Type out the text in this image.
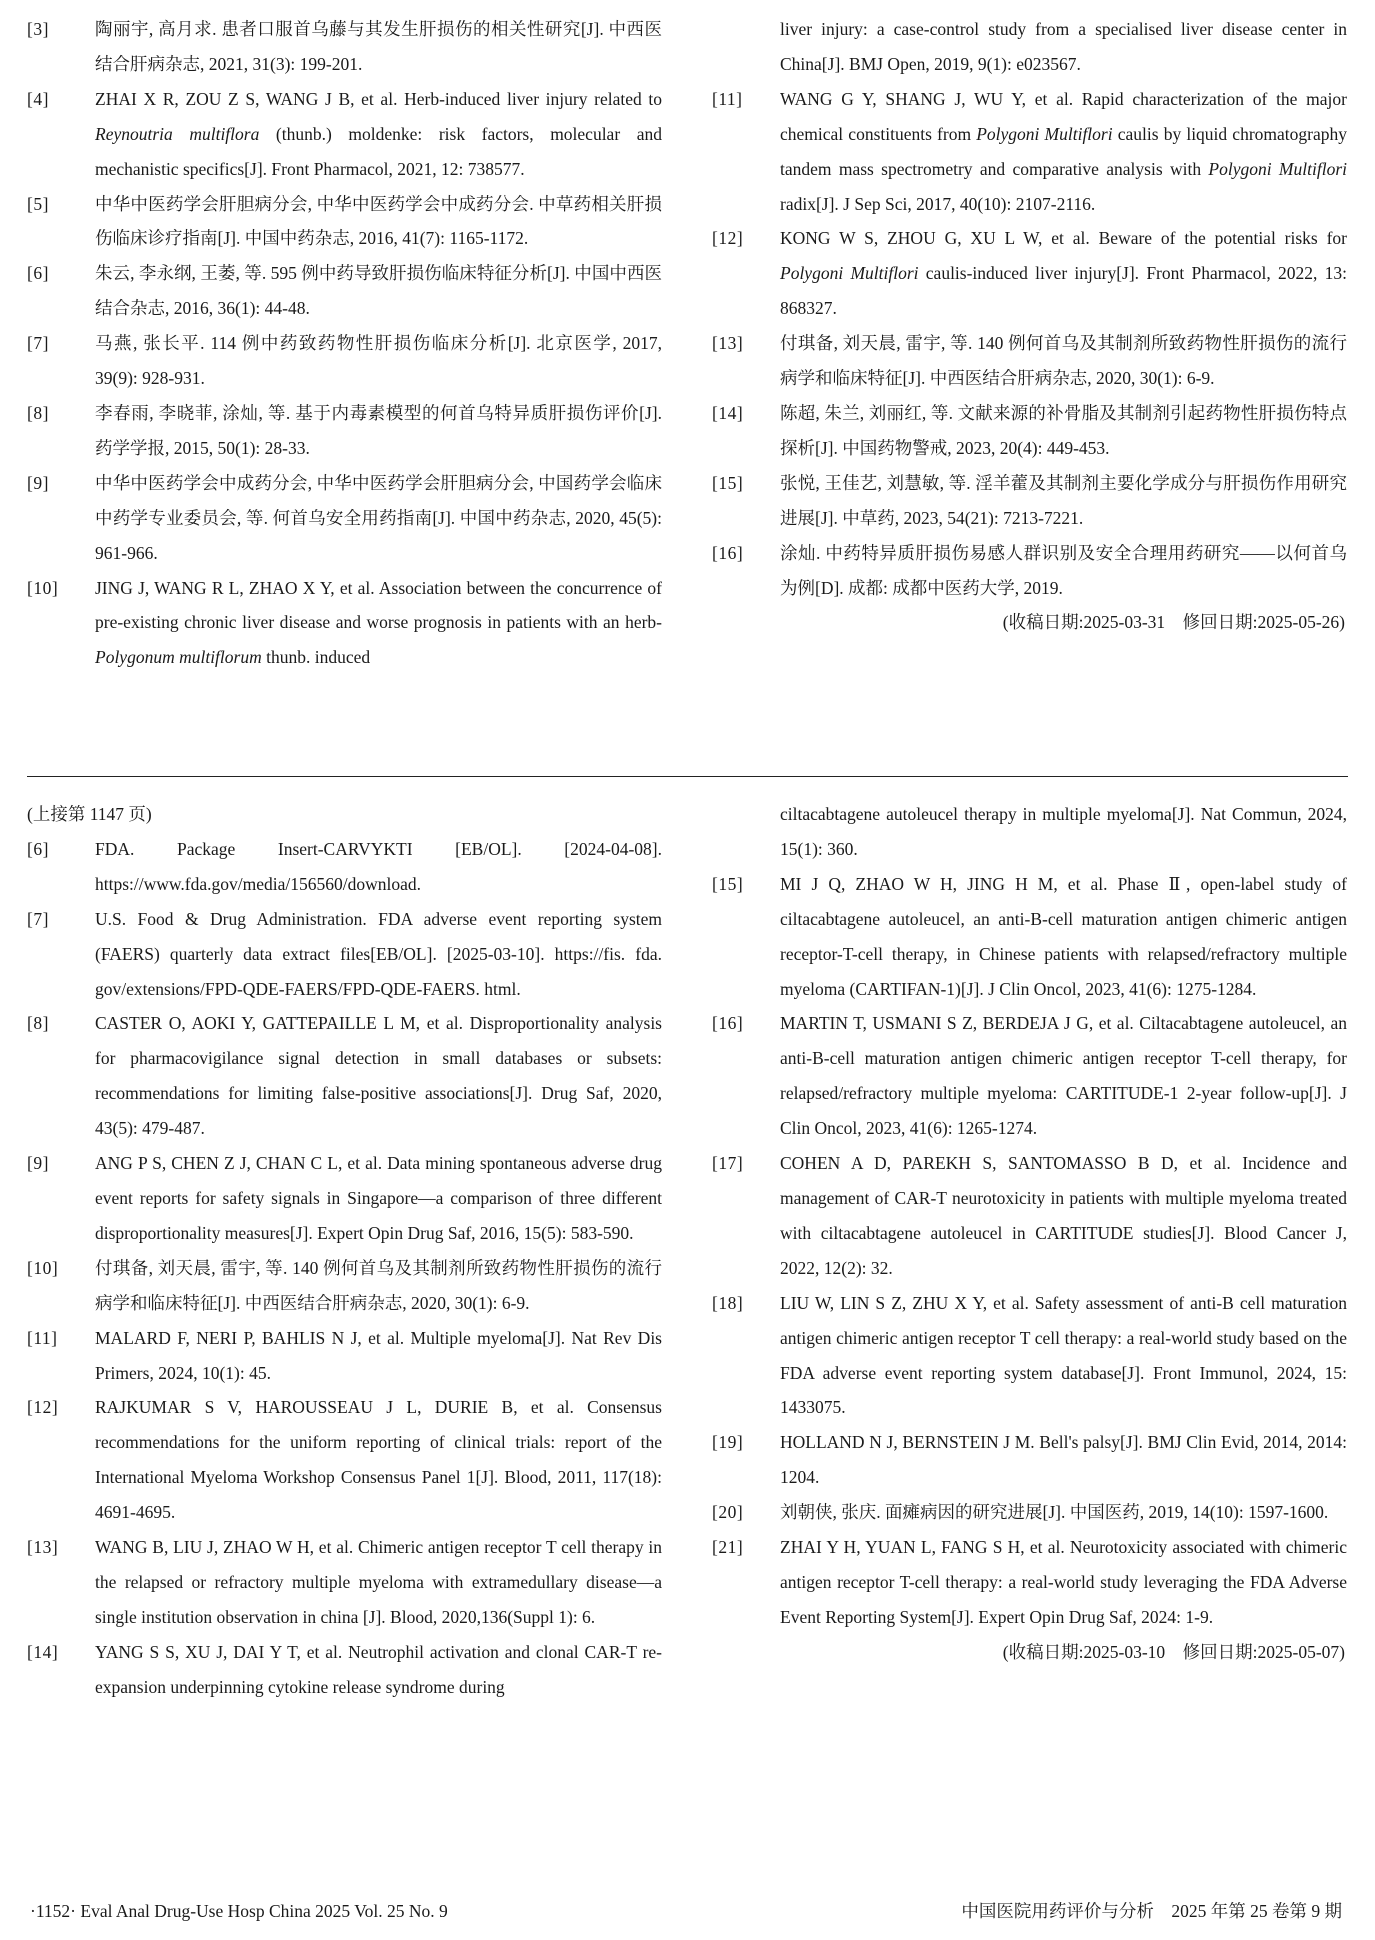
[3]	陶丽宇, 高月求. 患者口服首乌藤与其发生肝损伤的相关性研究[J]. 中西医结合肝病杂志, 2021, 31(3): 199-201.
[4]	ZHAI X R, ZOU Z S, WANG J B, et al. Herb-induced liver injury related to Reynoutria multiflora (thunb.) moldenke: risk factors, molecular and mechanistic specifics[J]. Front Pharmacol, 2021, 12: 738577.
[5]	中华中医药学会肝胆病分会, 中华中医药学会中成药分会. 中草药相关肝损伤临床诊疗指南[J]. 中国中药杂志, 2016, 41(7): 1165-1172.
[6]	朱云, 李永纲, 王萎, 等. 595 例中药导致肝损伤临床特征分析[J]. 中国中西医结合杂志, 2016, 36(1): 44-48.
[7]	马燕, 张长平. 114 例中药致药物性肝损伤临床分析[J]. 北京医学, 2017, 39(9): 928-931.
[8]	李春雨, 李晓菲, 涂灿, 等. 基于内毒素模型的何首乌特异质肝损伤评价[J]. 药学学报, 2015, 50(1): 28-33.
[9]	中华中医药学会中成药分会, 中华中医药学会肝胆病分会, 中国药学会临床中药学专业委员会, 等. 何首乌安全用药指南[J]. 中国中药杂志, 2020, 45(5): 961-966.
[10]	JING J, WANG R L, ZHAO X Y, et al. Association between the concurrence of pre-existing chronic liver disease and worse prognosis in patients with an herb- Polygonum multiflorum thunb. induced
liver injury: a case-control study from a specialised liver disease center in China[J]. BMJ Open, 2019, 9(1): e023567.
[11]	WANG G Y, SHANG J, WU Y, et al. Rapid characterization of the major chemical constituents from Polygoni Multiflori caulis by liquid chromatography tandem mass spectrometry and comparative analysis with Polygoni Multiflori radix[J]. J Sep Sci, 2017, 40(10): 2107-2116.
[12]	KONG W S, ZHOU G, XU L W, et al. Beware of the potential risks for Polygoni Multiflori caulis-induced liver injury[J]. Front Pharmacol, 2022, 13: 868327.
[13]	付琪备, 刘天晨, 雷宇, 等. 140 例何首乌及其制剂所致药物性肝损伤的流行病学和临床特征[J]. 中西医结合肝病杂志, 2020, 30(1): 6-9.
[14]	陈超, 朱兰, 刘丽红, 等. 文献来源的补骨脂及其制剂引起药物性肝损伤特点探析[J]. 中国药物警戒, 2023, 20(4): 449-453.
[15]	张悦, 王佳艺, 刘慧敏, 等. 淫羊藿及其制剂主要化学成分与肝损伤作用研究进展[J]. 中草药, 2023, 54(21): 7213-7221.
[16]	涂灿. 中药特异质肝损伤易感人群识别及安全合理用药研究——以何首乌为例[D]. 成都: 成都中医药大学, 2019.
(收稿日期:2025-03-31　修回日期:2025-05-26)
(上接第 1147 页)
[6]	FDA. Package Insert-CARVYKTI [EB/OL]. [2024-04-08]. https://www.fda.gov/media/156560/download.
[7]	U.S. Food & Drug Administration. FDA adverse event reporting system (FAERS) quarterly data extract files[EB/OL]. [2025-03-10]. https://fis. fda. gov/extensions/FPD-QDE-FAERS/FPD-QDE-FAERS. html.
[8]	CASTER O, AOKI Y, GATTEPAILLE L M, et al. Disproportionality analysis for pharmacovigilance signal detection in small databases or subsets: recommendations for limiting false-positive associations[J]. Drug Saf, 2020, 43(5): 479-487.
[9]	ANG P S, CHEN Z J, CHAN C L, et al. Data mining spontaneous adverse drug event reports for safety signals in Singapore—a comparison of three different disproportionality measures[J]. Expert Opin Drug Saf, 2016, 15(5): 583-590.
[10]	付琪备, 刘天晨, 雷宇, 等. 140 例何首乌及其制剂所致药物性肝损伤的流行病学和临床特征[J]. 中西医结合肝病杂志, 2020, 30(1): 6-9.
[11]	MALARD F, NERI P, BAHLIS N J, et al. Multiple myeloma[J]. Nat Rev Dis Primers, 2024, 10(1): 45.
[12]	RAJKUMAR S V, HAROUSSEAU J L, DURIE B, et al. Consensus recommendations for the uniform reporting of clinical trials: report of the International Myeloma Workshop Consensus Panel 1[J]. Blood, 2011, 117(18): 4691-4695.
[13]	WANG B, LIU J, ZHAO W H, et al. Chimeric antigen receptor T cell therapy in the relapsed or refractory multiple myeloma with extramedullary disease—a single institution observation in china [J]. Blood, 2020,136(Suppl 1): 6.
[14]	YANG S S, XU J, DAI Y T, et al. Neutrophil activation and clonal CAR-T re-expansion underpinning cytokine release syndrome during
ciltacabtagene autoleucel therapy in multiple myeloma[J]. Nat Commun, 2024, 15(1): 360.
[15]	MI J Q, ZHAO W H, JING H M, et al. Phase Ⅱ, open-label study of ciltacabtagene autoleucel, an anti-B-cell maturation antigen chimeric antigen receptor-T-cell therapy, in Chinese patients with relapsed/refractory multiple myeloma (CARTIFAN-1)[J]. J Clin Oncol, 2023, 41(6): 1275-1284.
[16]	MARTIN T, USMANI S Z, BERDEJA J G, et al. Ciltacabtagene autoleucel, an anti-B-cell maturation antigen chimeric antigen receptor T-cell therapy, for relapsed/refractory multiple myeloma: CARTITUDE-1 2-year follow-up[J]. J Clin Oncol, 2023, 41(6): 1265-1274.
[17]	COHEN A D, PAREKH S, SANTOMASSO B D, et al. Incidence and management of CAR-T neurotoxicity in patients with multiple myeloma treated with ciltacabtagene autoleucel in CARTITUDE studies[J]. Blood Cancer J, 2022, 12(2): 32.
[18]	LIU W, LIN S Z, ZHU X Y, et al. Safety assessment of anti-B cell maturation antigen chimeric antigen receptor T cell therapy: a real-world study based on the FDA adverse event reporting system database[J]. Front Immunol, 2024, 15: 1433075.
[19]	HOLLAND N J, BERNSTEIN J M. Bell's palsy[J]. BMJ Clin Evid, 2014, 2014: 1204.
[20]	刘朝侠, 张庆. 面瘫病因的研究进展[J]. 中国医药, 2019, 14(10): 1597-1600.
[21]	ZHAI Y H, YUAN L, FANG S H, et al. Neurotoxicity associated with chimeric antigen receptor T-cell therapy: a real-world study leveraging the FDA Adverse Event Reporting System[J]. Expert Opin Drug Saf, 2024: 1-9.
(收稿日期:2025-03-10　修回日期:2025-05-07)
·1152· Eval Anal Drug-Use Hosp China 2025 Vol. 25 No. 9	中国医院用药评价与分析　2025 年第 25 卷第 9 期
